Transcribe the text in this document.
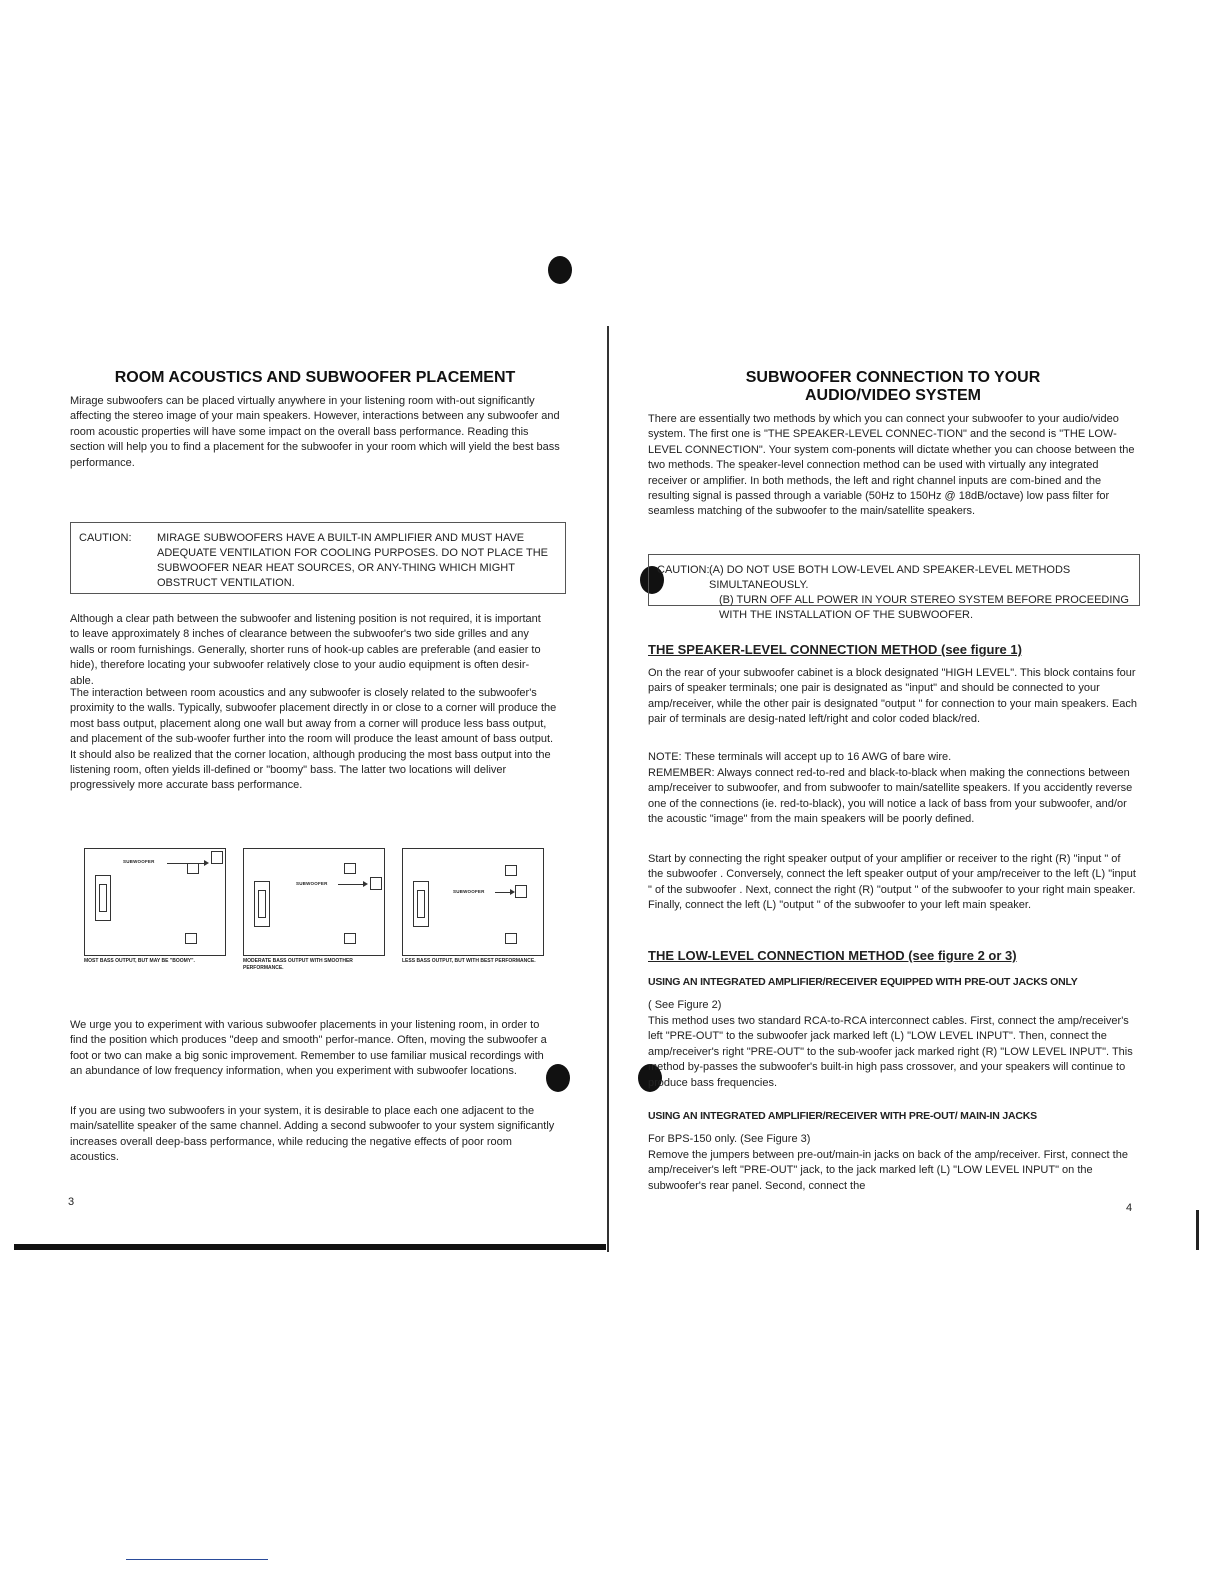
ROOM ACOUSTICS AND SUBWOOFER PLACEMENT

Mirage subwoofers can be placed virtually anywhere in your listening room with-out significantly affecting the stereo image of your main speakers. However, interactions between any subwoofer and room acoustic properties will have some impact on the overall bass performance. Reading this section will help you to find a placement for the subwoofer in your room which will yield the best bass performance.

CAUTION: MIRAGE SUBWOOFERS HAVE A BUILT-IN AMPLIFIER AND MUST HAVE ADEQUATE VENTILATION FOR COOLING PURPOSES. DO NOT PLACE THE SUBWOOFER NEAR HEAT SOURCES, OR ANY-THING WHICH MIGHT OBSTRUCT VENTILATION.

Although a clear path between the subwoofer and listening position is not required, it is important to leave approximately 8 inches of clearance between the subwoofer's two side grilles and any walls or room furnishings. Generally, shorter runs of hook-up cables are preferable (and easier to hide), therefore locating your subwoofer relatively close to your audio equipment is often desir-able.

The interaction between room acoustics and any subwoofer is closely related to the subwoofer's proximity to the walls. Typically, subwoofer placement directly in or close to a corner will produce the most bass output, placement along one wall but away from a corner will produce less bass output, and placement of the sub-woofer further into the room will produce the least amount of bass output. It should also be realized that the corner location, although producing the most bass output into the listening room, often yields ill-defined or "boomy" bass. The latter two locations will deliver progressively more accurate bass performance.

SUBWOOFER
MOST BASS OUTPUT, BUT MAY BE "BOOMY".
SUBWOOFER
MODERATE BASS OUTPUT WITH SMOOTHER PERFORMANCE.
SUBWOOFER
LESS BASS OUTPUT, BUT WITH BEST PERFORMANCE.

We urge you to experiment with various subwoofer placements in your listening room, in order to find the position which produces "deep and smooth" perfor-mance. Often, moving the subwoofer a foot or two can make a big sonic improvement. Remember to use familiar musical recordings with an abundance of low frequency information, when you experiment with subwoofer locations.

If you are using two subwoofers in your system, it is desirable to place each one adjacent to the main/satellite speaker of the same channel. Adding a second subwoofer to your system significantly increases overall deep-bass performance, while reducing the negative effects of poor room acoustics.

3
SUBWOOFER CONNECTION TO YOUR
AUDIO/VIDEO SYSTEM

There are essentially two methods by which you can connect your subwoofer to your audio/video system. The first one is "THE SPEAKER-LEVEL CONNEC-TION" and the second is "THE LOW-LEVEL CONNECTION". Your system com-ponents will dictate whether you can choose between the two methods. The speaker-level connection method can be used with virtually any integrated receiver or amplifier. In both methods, the left and right channel inputs are com-bined and the resulting signal is passed through a variable (50Hz to 150Hz @ 18dB/octave) low pass filter for seamless matching of the subwoofer to the main/satellite speakers.

CAUTION: (A) DO NOT USE BOTH LOW-LEVEL AND SPEAKER-LEVEL METHODS SIMULTANEOUSLY.
(B) TURN OFF ALL POWER IN YOUR STEREO SYSTEM BEFORE PROCEEDING WITH THE INSTALLATION OF THE SUBWOOFER.
THE SPEAKER-LEVEL CONNECTION METHOD (see figure 1)

On the rear of your subwoofer cabinet is a block designated "HIGH LEVEL". This block contains four pairs of speaker terminals; one pair is designated as "input" and should be connected to your amp/receiver, while the other pair is designated "output " for connection to your main speakers. Each pair of terminals are desig-nated left/right and color coded black/red.

NOTE: These terminals will accept up to 16 AWG of bare wire.

REMEMBER: Always connect red-to-red and black-to-black when making the connections between amp/receiver to subwoofer, and from subwoofer to main/satellite speakers. If you accidently reverse one of the connections (ie. red-to-black), you will notice a lack of bass from your subwoofer, and/or the acoustic "image" from the main speakers will be poorly defined.

Start by connecting the right speaker output of your amplifier or receiver to the right (R) "input " of the subwoofer . Conversely, connect the left speaker output of your amp/receiver to the left (L) "input " of the subwoofer . Next, connect the right (R) "output " of the subwoofer to your right main speaker. Finally, connect the left (L) "output " of the subwoofer to your left main speaker.

THE LOW-LEVEL CONNECTION METHOD (see figure 2 or 3)
USING AN INTEGRATED AMPLIFIER/RECEIVER EQUIPPED WITH PRE-OUT JACKS ONLY

( See Figure 2)

This method uses two standard RCA-to-RCA interconnect cables. First, connect the amp/receiver's left "PRE-OUT" to the subwoofer jack marked left (L) "LOW LEVEL INPUT". Then, connect the amp/receiver's right "PRE-OUT" to the sub-woofer jack marked right (R) "LOW LEVEL INPUT". This method by-passes the subwoofer's built-in high pass crossover, and your speakers will continue to produce bass frequencies.

USING AN INTEGRATED AMPLIFIER/RECEIVER WITH PRE-OUT/ MAIN-IN JACKS

For BPS-150 only. (See Figure 3)

Remove the jumpers between pre-out/main-in jacks on back of the amp/receiver. First, connect the amp/receiver's left "PRE-OUT" jack, to the jack marked left (L) "LOW LEVEL INPUT" on the subwoofer's rear panel. Second, connect the

4
